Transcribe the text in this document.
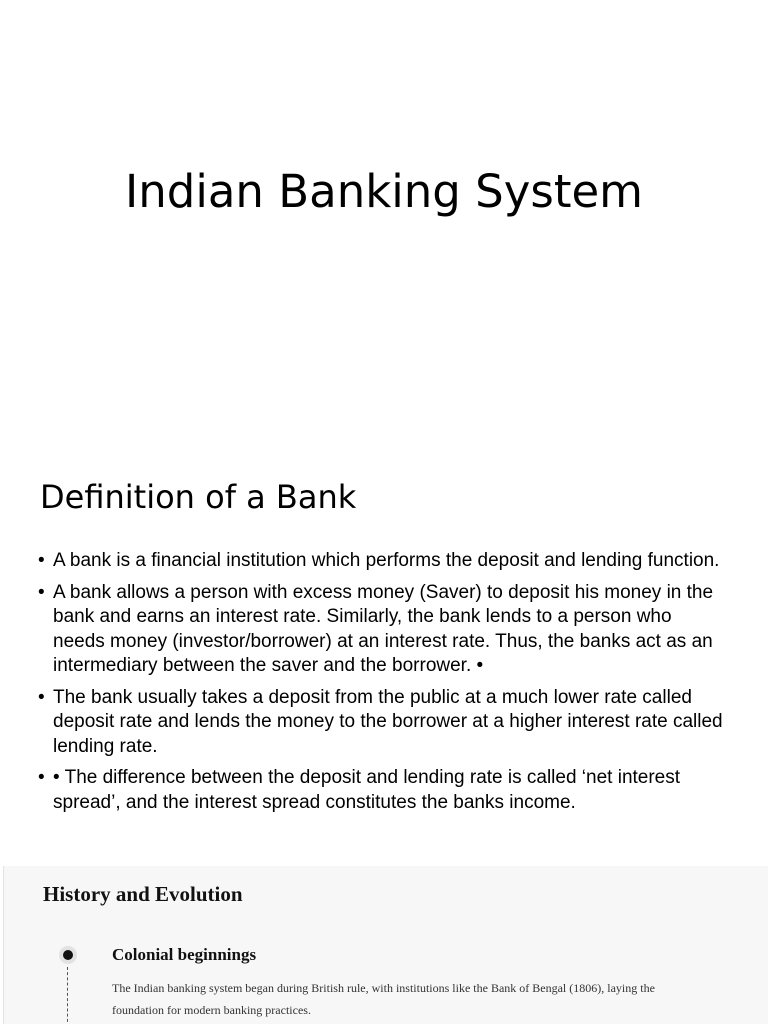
Indian Banking System
Definition of a Bank
• A bank is a financial institution which performs the deposit and lending function.
• A bank allows a person with excess money (Saver) to deposit his money in the bank and earns an interest rate. Similarly, the bank lends to a person who needs money (investor/borrower) at an interest rate. Thus, the banks act as an intermediary between the saver and the borrower. •
• The bank usually takes a deposit from the public at a much lower rate called deposit rate and lends the money to the borrower at a higher interest rate called lending rate.
• • The difference between the deposit and lending rate is called ‘net interest spread’, and the interest spread constitutes the banks income.
History and Evolution
Colonial beginnings

The Indian banking system began during British rule, with institutions like the Bank of Bengal (1806), laying the foundation for modern banking practices.
